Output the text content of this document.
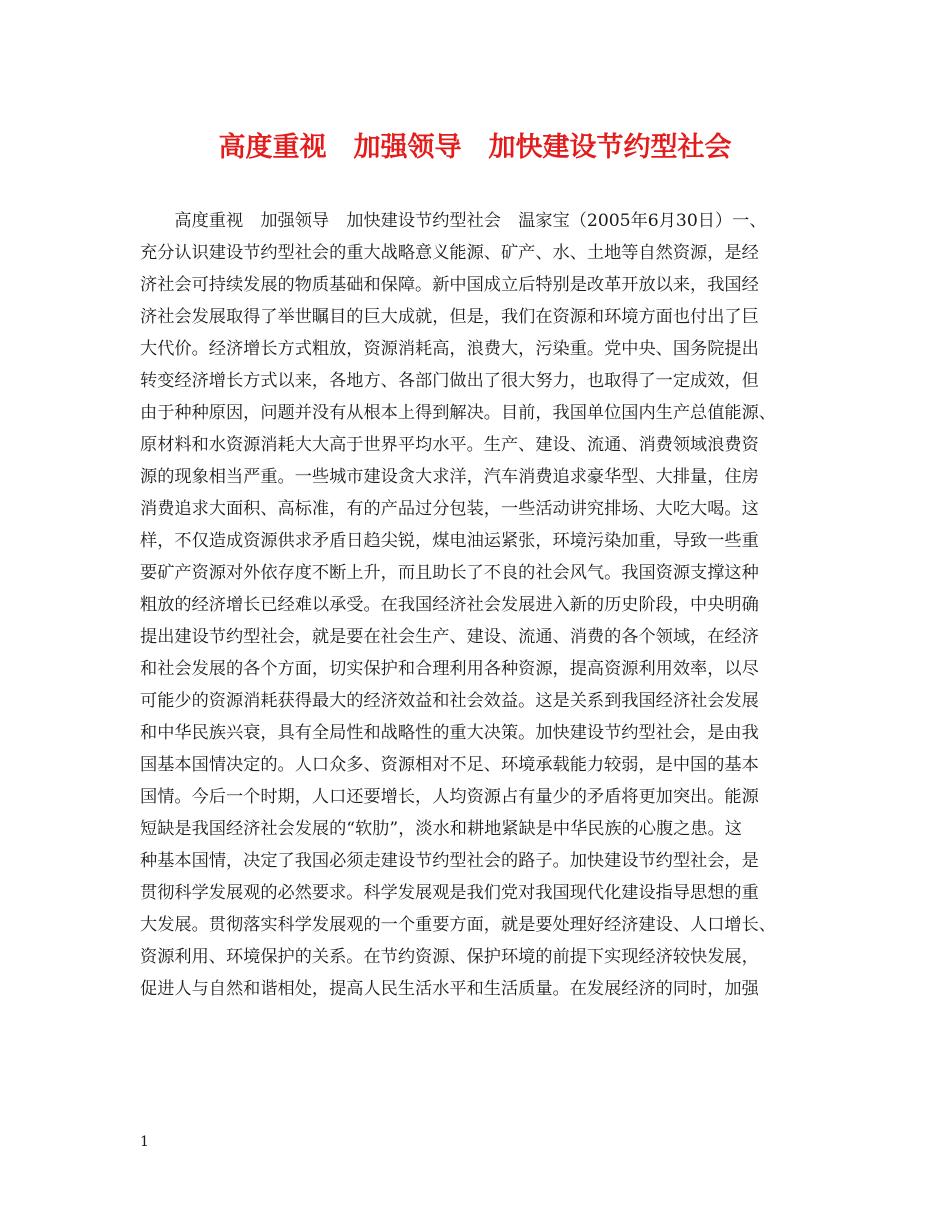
高度重视　加强领导　加快建设节约型社会
　　高度重视　加强领导　加快建设节约型社会　温家宝（2005年6月30日）一、
充分认识建设节约型社会的重大战略意义能源、矿产、水、土地等自然资源，是经
济社会可持续发展的物质基础和保障。新中国成立后特别是改革开放以来，我国经
济社会发展取得了举世瞩目的巨大成就，但是，我们在资源和环境方面也付出了巨
大代价。经济增长方式粗放，资源消耗高，浪费大，污染重。党中央、国务院提出
转变经济增长方式以来，各地方、各部门做出了很大努力，也取得了一定成效，但
由于种种原因，问题并没有从根本上得到解决。目前，我国单位国内生产总值能源、
原材料和水资源消耗大大高于世界平均水平。生产、建设、流通、消费领域浪费资
源的现象相当严重。一些城市建设贪大求洋，汽车消费追求豪华型、大排量，住房
消费追求大面积、高标准，有的产品过分包装，一些活动讲究排场、大吃大喝。这
样，不仅造成资源供求矛盾日趋尖锐，煤电油运紧张，环境污染加重，导致一些重
要矿产资源对外依存度不断上升，而且助长了不良的社会风气。我国资源支撑这种
粗放的经济增长已经难以承受。在我国经济社会发展进入新的历史阶段，中央明确
提出建设节约型社会，就是要在社会生产、建设、流通、消费的各个领域，在经济
和社会发展的各个方面，切实保护和合理利用各种资源，提高资源利用效率，以尽
可能少的资源消耗获得最大的经济效益和社会效益。这是关系到我国经济社会发展
和中华民族兴衰，具有全局性和战略性的重大决策。加快建设节约型社会，是由我
国基本国情决定的。人口众多、资源相对不足、环境承载能力较弱，是中国的基本
国情。今后一个时期，人口还要增长，人均资源占有量少的矛盾将更加突出。能源
短缺是我国经济社会发展的“软肋”，淡水和耕地紧缺是中华民族的心腹之患。这
种基本国情，决定了我国必须走建设节约型社会的路子。加快建设节约型社会，是
贯彻科学发展观的必然要求。科学发展观是我们党对我国现代化建设指导思想的重
大发展。贯彻落实科学发展观的一个重要方面，就是要处理好经济建设、人口增长、
资源利用、环境保护的关系。在节约资源、保护环境的前提下实现经济较快发展，
促进人与自然和谐相处，提高人民生活水平和生活质量。在发展经济的同时，加强
1
